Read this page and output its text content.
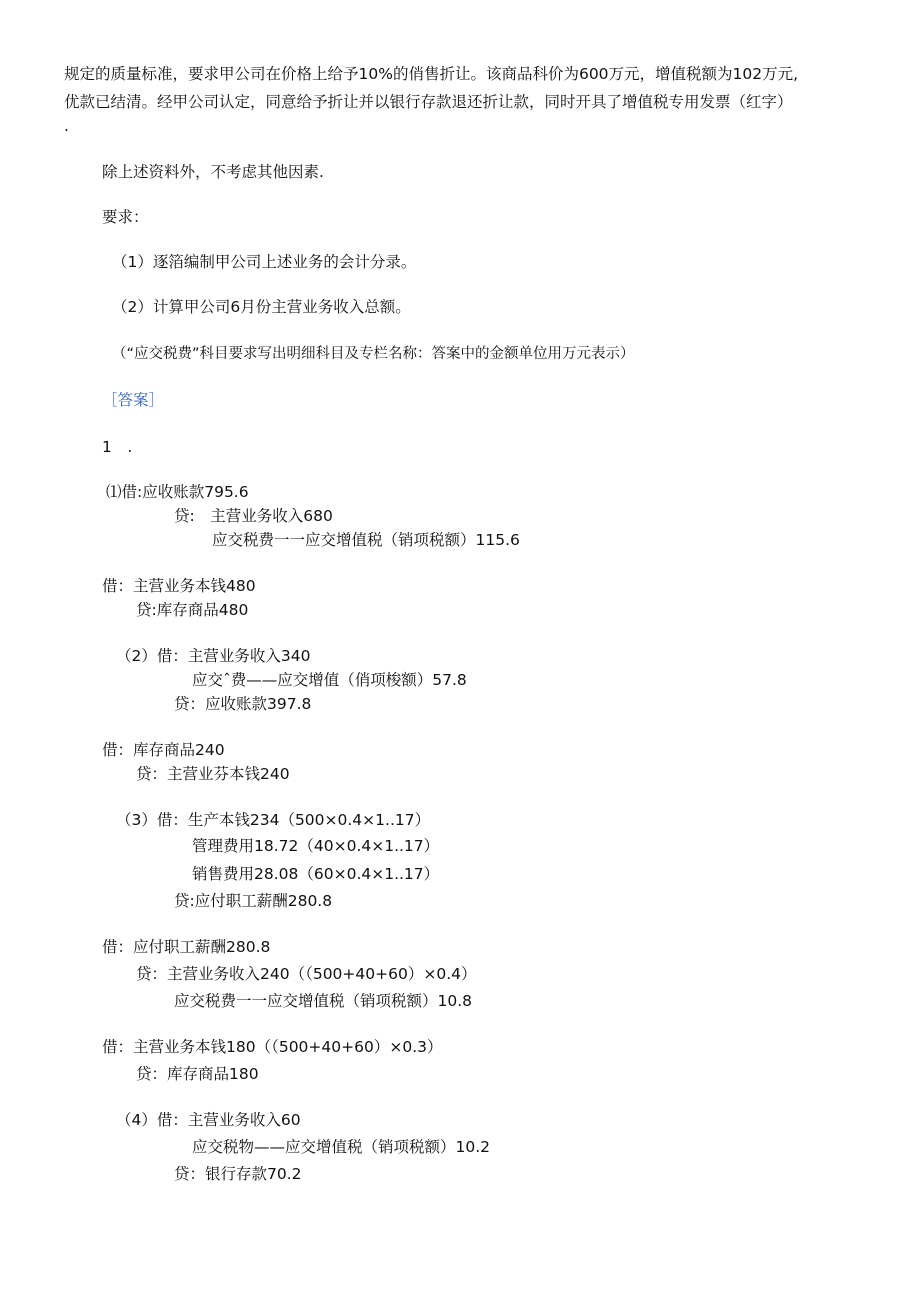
规定的质量标准，要求甲公司在价格上给予10%的俏售折让。该商品科价为600万元，增值税额为102万元,
优款已结清。经甲公司认定，同意给予折让并以银行存款退还折让款，同时开具了增值税专用发票（红字）
.
除上述资料外，不考虑其他因素.
要求：
（1）逐箔编制甲公司上述业务的会计分录。
（2）计算甲公司6月份主营业务收入总额。
（“应交税费”科目要求写出明细科目及专栏名称：答案中的金额单位用万元表示）
［答案］
1　.
⑴借:应收账款795.6
贷:　主营业务收入680
应交税费一一应交增值税（销项税额）115.6
借：主营业务本钱480
贷:库存商品480
（2）借：主营业务收入340
应交ˆ费——应交增值（俏项梭额）57.8
贷：应收账款397.8
借：库存商品240
贷：主营业芬本钱240
（3）借：生产本钱234（500×0.4×1..17）
管理费用18.72（40×0.4×1..17）
销售费用28.08（60×0.4×1..17）
贷:应付职工薪酬280.8
借：应付职工薪酬280.8
贷：主营业务收入240（（500+40+60）×0.4）
应交税费一一应交增值税（销项税额）10.8
借：主营业务本钱180（（500+40+60）×0.3）
贷：库存商品180
（4）借：主营业务收入60
应交税物——应交增值税（销项税额）10.2
贷：银行存款70.2
